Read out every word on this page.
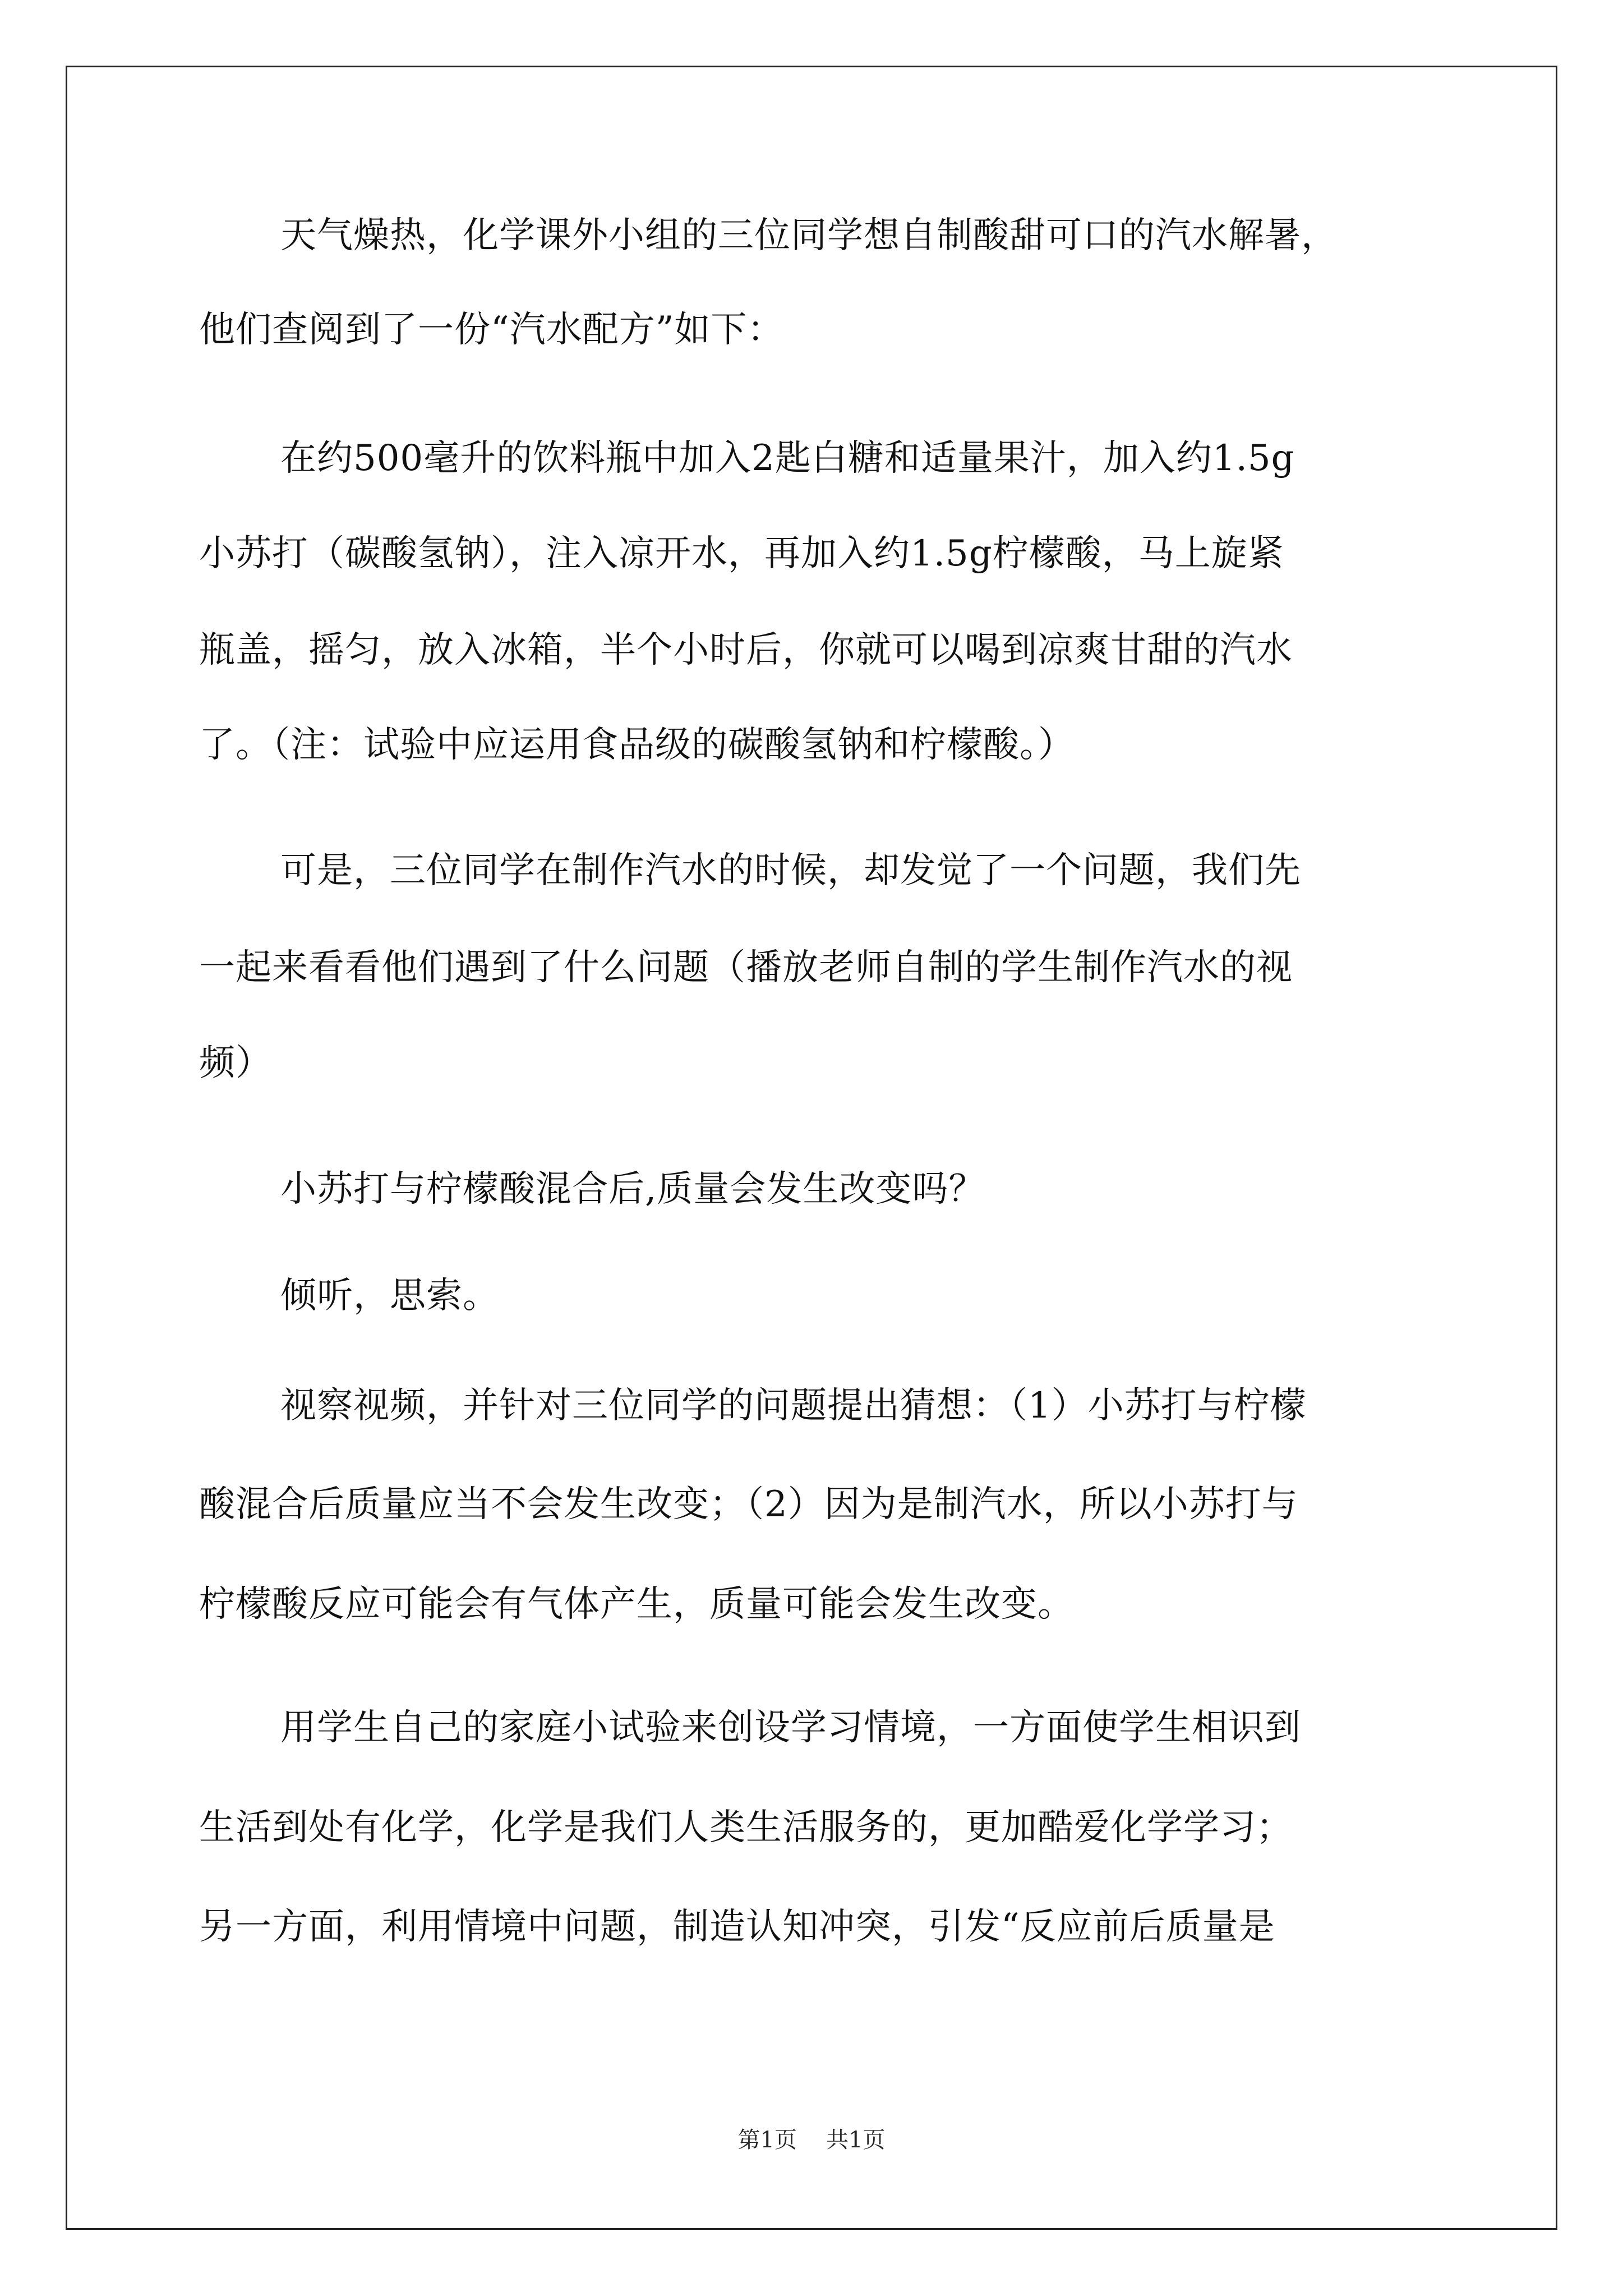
天气燥热，化学课外小组的三位同学想自制酸甜可口的汽水解暑，
他们查阅到了一份“汽水配方”如下：
在约500毫升的饮料瓶中加入2匙白糖和适量果汁，加入约1.5g
小苏打（碳酸氢钠），注入凉开水，再加入约1.5g柠檬酸，马上旋紧
瓶盖，摇匀，放入冰箱，半个小时后，你就可以喝到凉爽甘甜的汽水
了。（注：试验中应运用食品级的碳酸氢钠和柠檬酸。）
可是，三位同学在制作汽水的时候，却发觉了一个问题，我们先
一起来看看他们遇到了什么问题（播放老师自制的学生制作汽水的视
频）
小苏打与柠檬酸混合后,质量会发生改变吗？
倾听，思索。
视察视频，并针对三位同学的问题提出猜想：（1）小苏打与柠檬
酸混合后质量应当不会发生改变；（2）因为是制汽水，所以小苏打与
柠檬酸反应可能会有气体产生，质量可能会发生改变。
用学生自己的家庭小试验来创设学习情境，一方面使学生相识到
生活到处有化学，化学是我们人类生活服务的，更加酷爱化学学习；
另一方面，利用情境中问题，制造认知冲突，引发“反应前后质量是
第1页 共1页
